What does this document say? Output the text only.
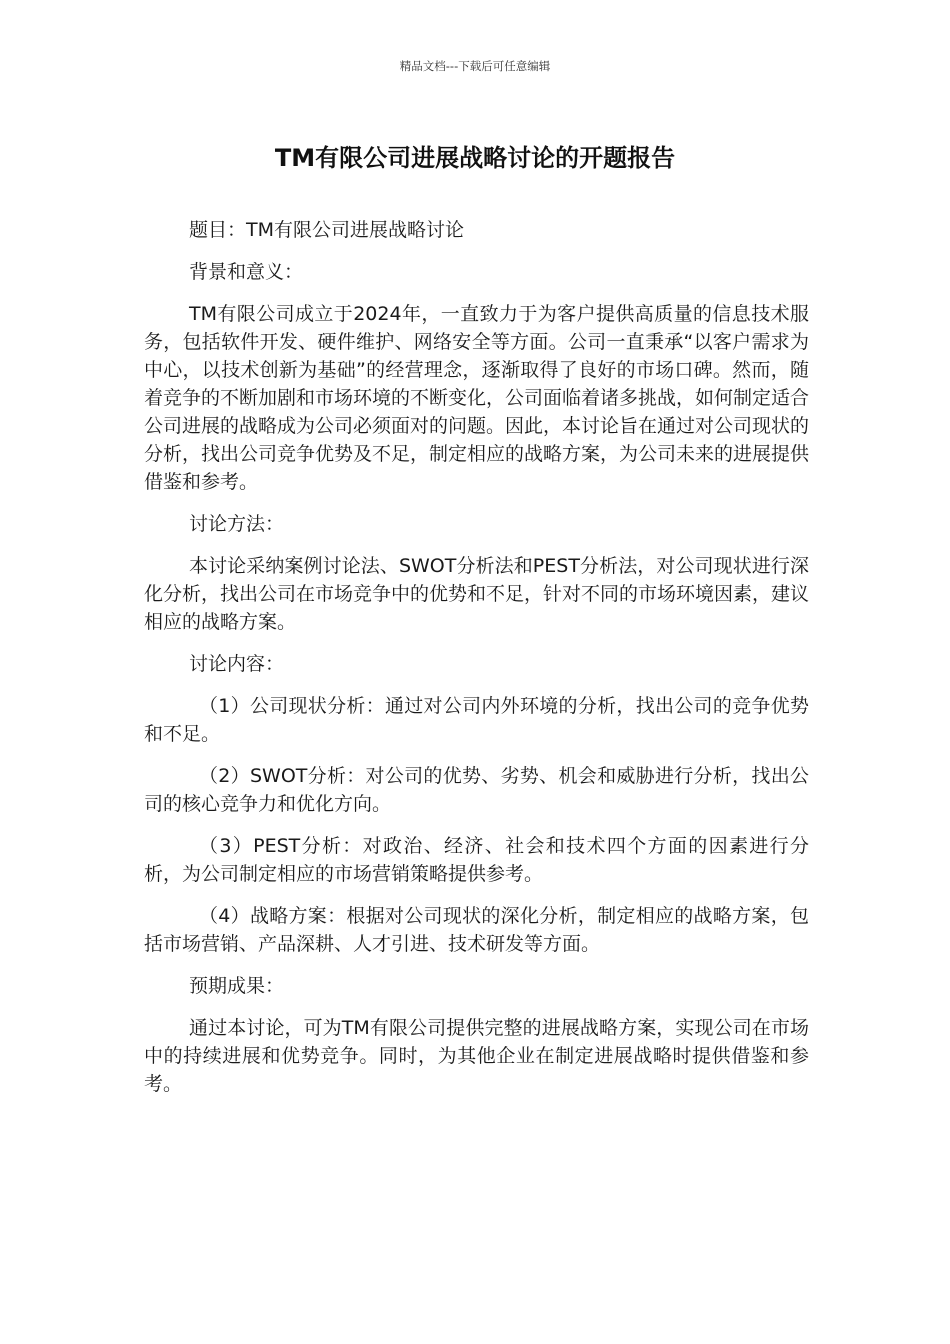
精品文档---下载后可任意编辑
TM有限公司进展战略讨论的开题报告

题目：TM有限公司进展战略讨论

背景和意义：

TM有限公司成立于2024年，一直致力于为客户提供高质量的信息技术服务，包括软件开发、硬件维护、网络安全等方面。公司一直秉承“以客户需求为中心，以技术创新为基础”的经营理念，逐渐取得了良好的市场口碑。然而，随着竞争的不断加剧和市场环境的不断变化，公司面临着诸多挑战，如何制定适合公司进展的战略成为公司必须面对的问题。因此，本讨论旨在通过对公司现状的分析，找出公司竞争优势及不足，制定相应的战略方案，为公司未来的进展提供借鉴和参考。

讨论方法：

本讨论采纳案例讨论法、SWOT分析法和PEST分析法，对公司现状进行深化分析，找出公司在市场竞争中的优势和不足，针对不同的市场环境因素，建议相应的战略方案。

讨论内容：

（1）公司现状分析：通过对公司内外环境的分析，找出公司的竞争优势和不足。

（2）SWOT分析：对公司的优势、劣势、机会和威胁进行分析，找出公司的核心竞争力和优化方向。

（3）PEST分析：对政治、经济、社会和技术四个方面的因素进行分析，为公司制定相应的市场营销策略提供参考。

（4）战略方案：根据对公司现状的深化分析，制定相应的战略方案，包括市场营销、产品深耕、人才引进、技术研发等方面。

预期成果：

通过本讨论，可为TM有限公司提供完整的进展战略方案，实现公司在市场中的持续进展和优势竞争。同时，为其他企业在制定进展战略时提供借鉴和参考。
